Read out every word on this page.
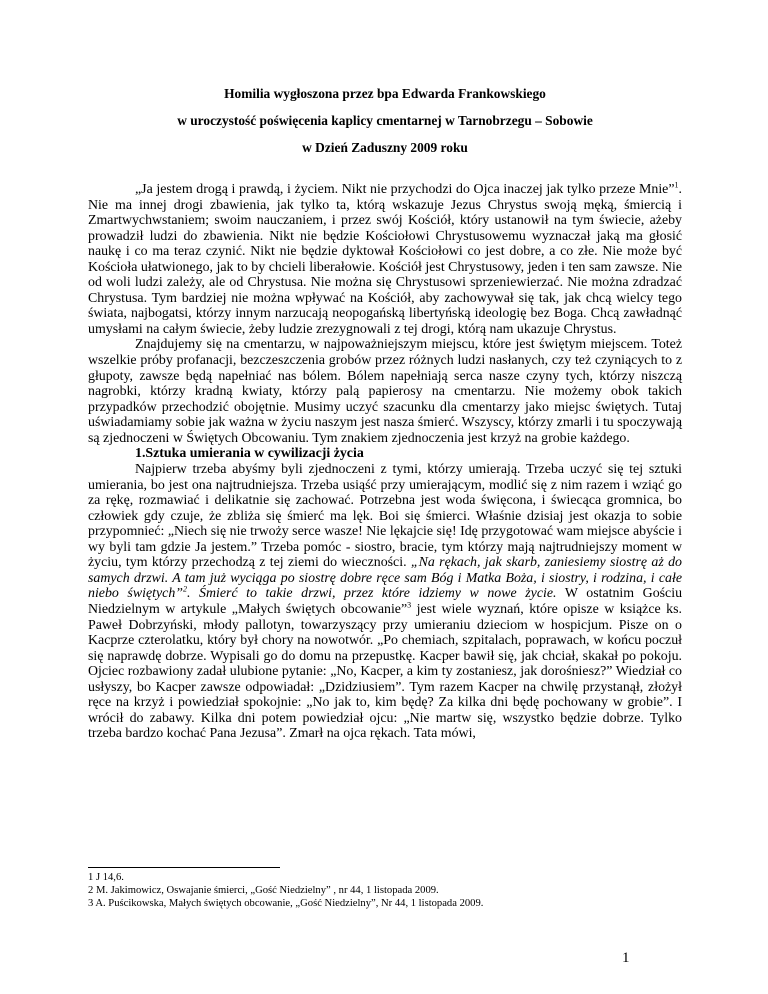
Homilia wygłoszona przez bpa Edwarda Frankowskiego

w uroczystość poświęcenia kaplicy cmentarnej w Tarnobrzegu – Sobowie

w Dzień Zaduszny 2009 roku

„Ja jestem drogą i prawdą, i życiem. Nikt nie przychodzi do Ojca inaczej jak tylko przeze Mnie”$^1$. Nie ma innej drogi zbawienia, jak tylko ta, którą wskazuje Jezus Chrystus swoją męką, śmiercią i Zmartwychwstaniem; swoim nauczaniem, i przez swój Kościół, który ustanowił na tym świecie, ażeby prowadził ludzi do zbawienia. Nikt nie będzie Kościołowi Chrystusowemu wyznaczał jaką ma głosić naukę i co ma teraz czynić. Nikt nie będzie dyktował Kościołowi co jest dobre, a co złe. Nie może być Kościoła ułatwionego, jak to by chcieli liberałowie. Kościół jest Chrystusowy, jeden i ten sam zawsze. Nie od woli ludzi zależy, ale od Chrystusa. Nie można się Chrystusowi sprzeniewierzać. Nie można zdradzać Chrystusa. Tym bardziej nie można wpływać na Kościół, aby zachowywał się tak, jak chcą wielcy tego świata, najbogatsi, którzy innym narzucają neopogańską libertyńską ideologię bez Boga. Chcą zawładnąć umysłami na całym świecie, żeby ludzie zrezygnowali z tej drogi, którą nam ukazuje Chrystus.

Znajdujemy się na cmentarzu, w najpoważniejszym miejscu, które jest świętym miejscem. Toteż wszelkie próby profanacji, bezczeszczenia grobów przez różnych ludzi nasłanych, czy też czyniących to z głupoty, zawsze będą napełniać nas bólem. Bólem napełniają serca nasze czyny tych, którzy niszczą nagrobki, którzy kradną kwiaty, którzy palą papierosy na cmentarzu. Nie możemy obok takich przypadków przechodzić obojętnie. Musimy uczyć szacunku dla cmentarzy jako miejsc świętych. Tutaj uświadamiamy sobie jak ważna w życiu naszym jest nasza śmierć. Wszyscy, którzy zmarli i tu spoczywają są zjednoczeni w Świętych Obcowaniu. Tym znakiem zjednoczenia jest krzyż na grobie każdego.

1.Sztuka umierania w cywilizacji życia

Najpierw trzeba abyśmy byli zjednoczeni z tymi, którzy umierają. Trzeba uczyć się tej sztuki umierania, bo jest ona najtrudniejsza. Trzeba usiąść przy umierającym, modlić się z nim razem i wziąć go za rękę, rozmawiać i delikatnie się zachować. Potrzebna jest woda święcona, i świecąca gromnica, bo człowiek gdy czuje, że zbliża się śmierć ma lęk. Boi się śmierci. Właśnie dzisiaj jest okazja to sobie przypomnieć: „Niech się nie trwoży serce wasze! Nie lękajcie się! Idę przygotować wam miejsce abyście i wy byli tam gdzie Ja jestem.” Trzeba pomóc - siostro, bracie, tym którzy mają najtrudniejszy moment w życiu, tym którzy przechodzą z tej ziemi do wieczności. „Na rękach, jak skarb, zaniesiemy siostrę aż do samych drzwi. A tam już wyciąga po siostrę dobre ręce sam Bóg i Matka Boża, i siostry, i rodzina, i całe niebo świętych”$^2$. Śmierć to takie drzwi, przez które idziemy w nowe życie. W ostatnim Gościu Niedzielnym w artykule „Małych świętych obcowanie”$^3$ jest wiele wyznań, które opisze w książce ks. Paweł Dobrzyński, młody pallotyn, towarzyszący przy umieraniu dzieciom w hospicjum. Pisze on o Kacprze czterolatku, który był chory na nowotwór. „Po chemiach, szpitalach, poprawach, w końcu poczuł się naprawdę dobrze. Wypisali go do domu na przepustkę. Kacper bawił się, jak chciał, skakał po pokoju. Ojciec rozbawiony zadał ulubione pytanie: „No, Kacper, a kim ty zostaniesz, jak dorośniesz?” Wiedział co usłyszy, bo Kacper zawsze odpowiadał: „Dzidziusiem”. Tym razem Kacper na chwilę przystanął, złożył ręce na krzyż i powiedział spokojnie: „No jak to, kim będę? Za kilka dni będę pochowany w grobie”. I wrócił do zabawy. Kilka dni potem powiedział ojcu: „Nie martw się, wszystko będzie dobrze. Tylko trzeba bardzo kochać Pana Jezusa”. Zmarł na ojca rękach. Tata mówi,

1 J 14,6.
2 M. Jakimowicz, Oswajanie śmierci, „Gość Niedzielny” , nr 44, 1 listopada 2009.
3 A. Puścikowska, Małych świętych obcowanie, „Gość Niedzielny”, Nr 44, 1 listopada 2009.
1
